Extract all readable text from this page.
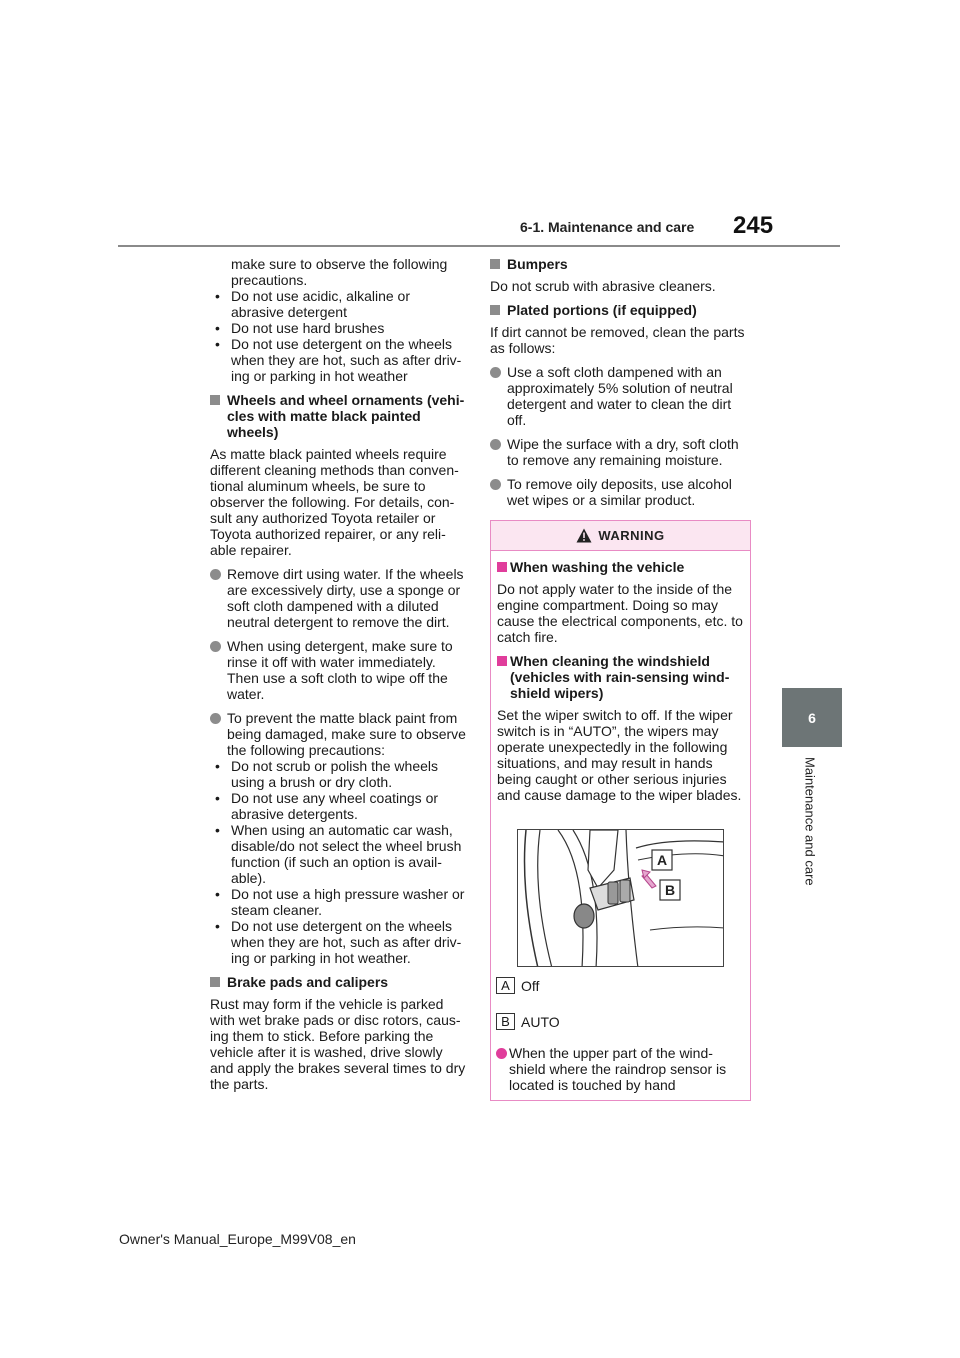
6-1. Maintenance and care 245
6
Maintenance and care

make sure to observe the following precautions.

• Do not use acidic, alkaline or abrasive detergent
• Do not use hard brushes
• Do not use detergent on the wheels when they are hot, such as after driv-ing or parking in hot weather
Wheels and wheel ornaments (vehi-cles with matte black painted wheels)

As matte black painted wheels require different cleaning methods than conven-tional aluminum wheels, be sure to observer the following. For details, con-sult any authorized Toyota retailer or Toyota authorized repairer, or any reli-able repairer.

Remove dirt using water. If the wheels are excessively dirty, use a sponge or soft cloth dampened with a diluted neutral detergent to remove the dirt.
When using detergent, make sure to rinse it off with water immediately. Then use a soft cloth to wipe off the water.
To prevent the matte black paint from being damaged, make sure to observe the following precautions:
• Do not scrub or polish the wheels using a brush or dry cloth.
• Do not use any wheel coatings or abrasive detergents.
• When using an automatic car wash, disable/do not select the wheel brush function (if such an option is avail-able).
• Do not use a high pressure washer or steam cleaner.
• Do not use detergent on the wheels when they are hot, such as after driv-ing or parking in hot weather.
Brake pads and calipers

Rust may form if the vehicle is parked with wet brake pads or disc rotors, caus-ing them to stick. Before parking the vehicle after it is washed, drive slowly and apply the brakes several times to dry the parts.

Bumpers

Do not scrub with abrasive cleaners.

Plated portions (if equipped)

If dirt cannot be removed, clean the parts as follows:

Use a soft cloth dampened with an approximately 5% solution of neutral detergent and water to clean the dirt off.
Wipe the surface with a dry, soft cloth to remove any remaining moisture.
To remove oily deposits, use alcohol wet wipes or a similar product.
WARNING
When washing the vehicle

Do not apply water to the inside of the engine compartment. Doing so may cause the electrical components, etc. to catch fire.

When cleaning the windshield (vehicles with rain-sensing wind-shield wipers)

Set the wiper switch to off. If the wiper switch is in “AUTO”, the wipers may operate unexpectedly in the following situations, and may result in hands being caught or other serious injuries and cause damage to the wiper blades.

A
B
A Off
B AUTO
When the upper part of the wind-shield where the raindrop sensor is located is touched by hand
Owner's Manual_Europe_M99V08_en
